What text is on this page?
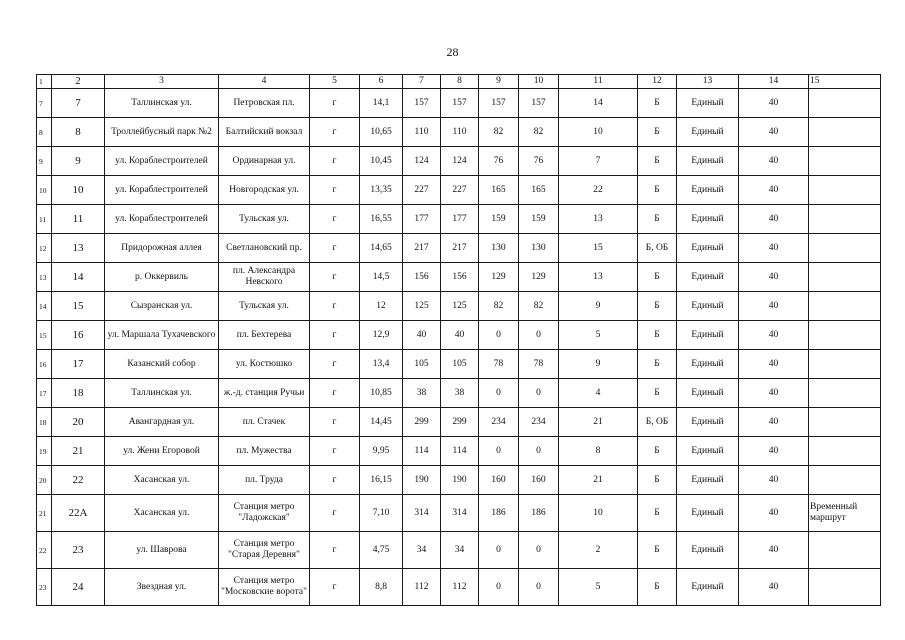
28
1	2	3	4	5	6	7	8	9	10	11	12	13	14	15
7	7	Таллинская ул.	Петровская пл.	г	14,1	157	157	157	157	14	Б	Единый	40	
8	8	Троллейбусный парк №2	Балтийский вокзал	г	10,65	110	110	82	82	10	Б	Единый	40	
9	9	ул. Кораблестроителей	Ординарная ул.	г	10,45	124	124	76	76	7	Б	Единый	40	
10	10	ул. Кораблестроителей	Новгородская ул.	г	13,35	227	227	165	165	22	Б	Единый	40	
11	11	ул. Кораблестроителей	Тульская ул.	г	16,55	177	177	159	159	13	Б	Единый	40	
12	13	Придорожная аллея	Светлановский пр.	г	14,65	217	217	130	130	15	Б, ОБ	Единый	40	
13	14	р. Оккервиль	пл. Александра Невского	г	14,5	156	156	129	129	13	Б	Единый	40	
14	15	Сызранская ул.	Тульская ул.	г	12	125	125	82	82	9	Б	Единый	40	
15	16	ул. Маршала Тухачевского	пл. Бехтерева	г	12,9	40	40	0	0	5	Б	Единый	40	
16	17	Казанский собор	ул. Костюшко	г	13,4	105	105	78	78	9	Б	Единый	40	
17	18	Таллинская ул.	ж.-д. станция Ручьи	г	10,85	38	38	0	0	4	Б	Единый	40	
18	20	Авангардная ул.	пл. Стачек	г	14,45	299	299	234	234	21	Б, ОБ	Единый	40	
19	21	ул. Жени Егоровой	пл. Мужества	г	9,95	114	114	0	0	8	Б	Единый	40	
20	22	Хасанская ул.	пл. Труда	г	16,15	190	190	160	160	21	Б	Единый	40	
21	22А	Хасанская ул.	Станция метро "Ладожская"	г	7,10	314	314	186	186	10	Б	Единый	40	Временный маршрут
22	23	ул. Шаврова	Станция метро "Старая Деревня"	г	4,75	34	34	0	0	2	Б	Единый	40	
23	24	Звездная ул.	Станция метро "Московские ворота"	г	8,8	112	112	0	0	5	Б	Единый	40	
